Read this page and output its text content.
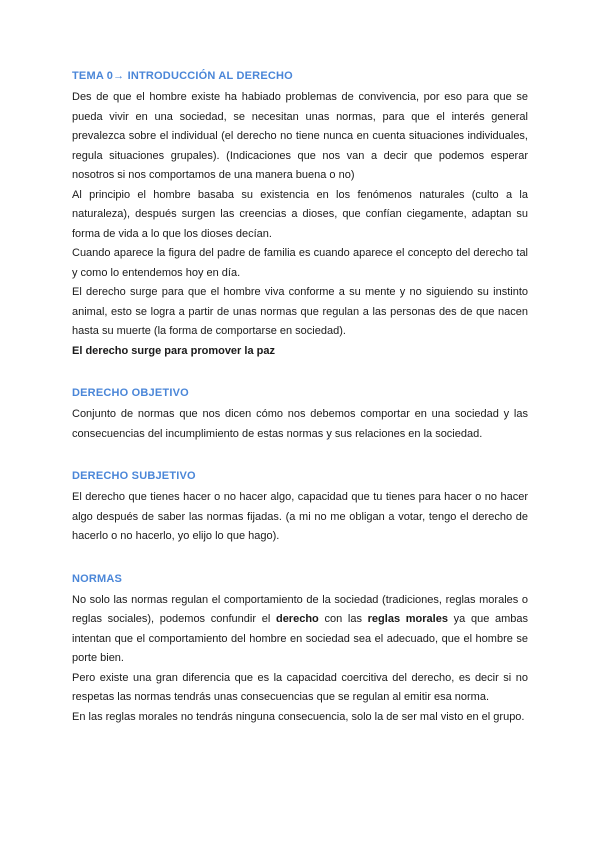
TEMA 0→ INTRODUCCIÓN AL DERECHO

Des de que el hombre existe ha habiado problemas de convivencia, por eso para que se pueda vivir en una sociedad, se necesitan unas normas, para que el interés general prevalezca sobre el individual (el derecho no tiene nunca en cuenta situaciones individuales, regula situaciones grupales). (Indicaciones que nos van a decir que podemos esperar nosotros si nos comportamos de una manera buena o no)

Al principio el hombre basaba su existencia en los fenómenos naturales (culto a la naturaleza), después surgen las creencias a dioses, que confían ciegamente, adaptan su forma de vida a lo que los dioses decían.

Cuando aparece la figura del padre de familia es cuando aparece el concepto del derecho tal y como lo entendemos hoy en día.

El derecho surge para que el hombre viva conforme a su mente y no siguiendo su instinto animal, esto se logra a partir de unas normas que regulan a las personas des de que nacen hasta su muerte (la forma de comportarse en sociedad).

El derecho surge para promover la paz

DERECHO OBJETIVO

Conjunto de normas que nos dicen cómo nos debemos comportar en una sociedad y las consecuencias del incumplimiento de estas normas y sus relaciones en la sociedad.

DERECHO SUBJETIVO

El derecho que tienes hacer o no hacer algo, capacidad que tu tienes para hacer o no hacer algo después de saber las normas fijadas. (a mi no me obligan a votar, tengo el derecho de hacerlo o no hacerlo, yo elijo lo que hago).

NORMAS

No solo las normas regulan el comportamiento de la sociedad (tradiciones, reglas morales o reglas sociales), podemos confundir el derecho con las reglas morales ya que ambas intentan que el comportamiento del hombre en sociedad sea el adecuado, que el hombre se porte bien.

Pero existe una gran diferencia que es la capacidad coercitiva del derecho, es decir si no respetas las normas tendrás unas consecuencias que se regulan al emitir esa norma.

En las reglas morales no tendrás ninguna consecuencia, solo la de ser mal visto en el grupo.
